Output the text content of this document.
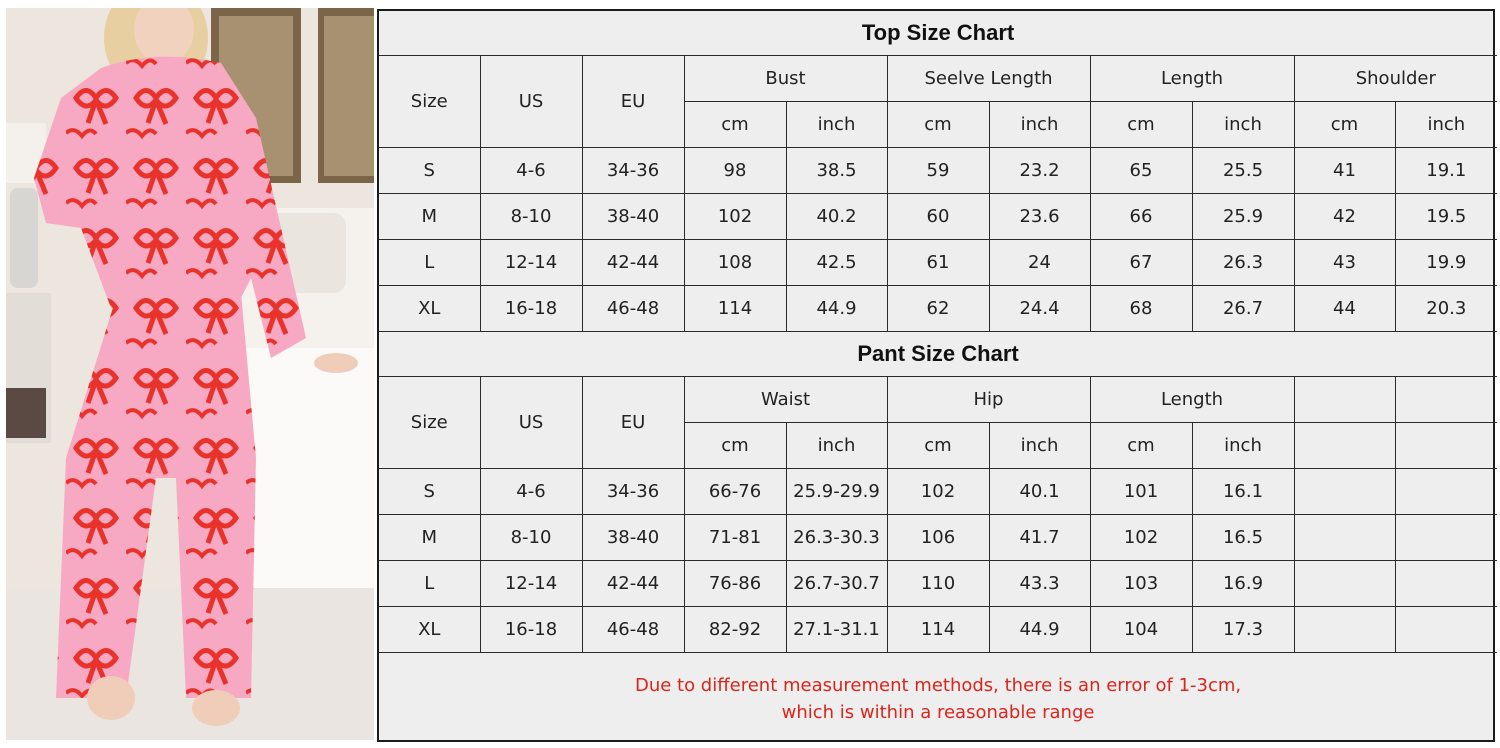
Top Size Chart										
Size	US	EU	Bust		Seelve Length		Length		Shoulder	
			cm	inch	cm	inch	cm	inch	cm	inch
S	4-6	34-36	98	38.5	59	23.2	65	25.5	41	19.1
M	8-10	38-40	102	40.2	60	23.6	66	25.9	42	19.5
L	12-14	42-44	108	42.5	61	24	67	26.3	43	19.9
XL	16-18	46-48	114	44.9	62	24.4	68	26.7	44	20.3
Pant Size Chart										
Size	US	EU	Waist		Hip		Length			
			cm	inch	cm	inch	cm	inch		
S	4-6	34-36	66-76	25.9-29.9	102	40.1	101	16.1		
M	8-10	38-40	71-81	26.3-30.3	106	41.7	102	16.5		
L	12-14	42-44	76-86	26.7-30.7	110	43.3	103	16.9		
XL	16-18	46-48	82-92	27.1-31.1	114	44.9	104	17.3		

Due to different measurement methods, there is an error of 1-3cm,
which is within a reasonable range										
